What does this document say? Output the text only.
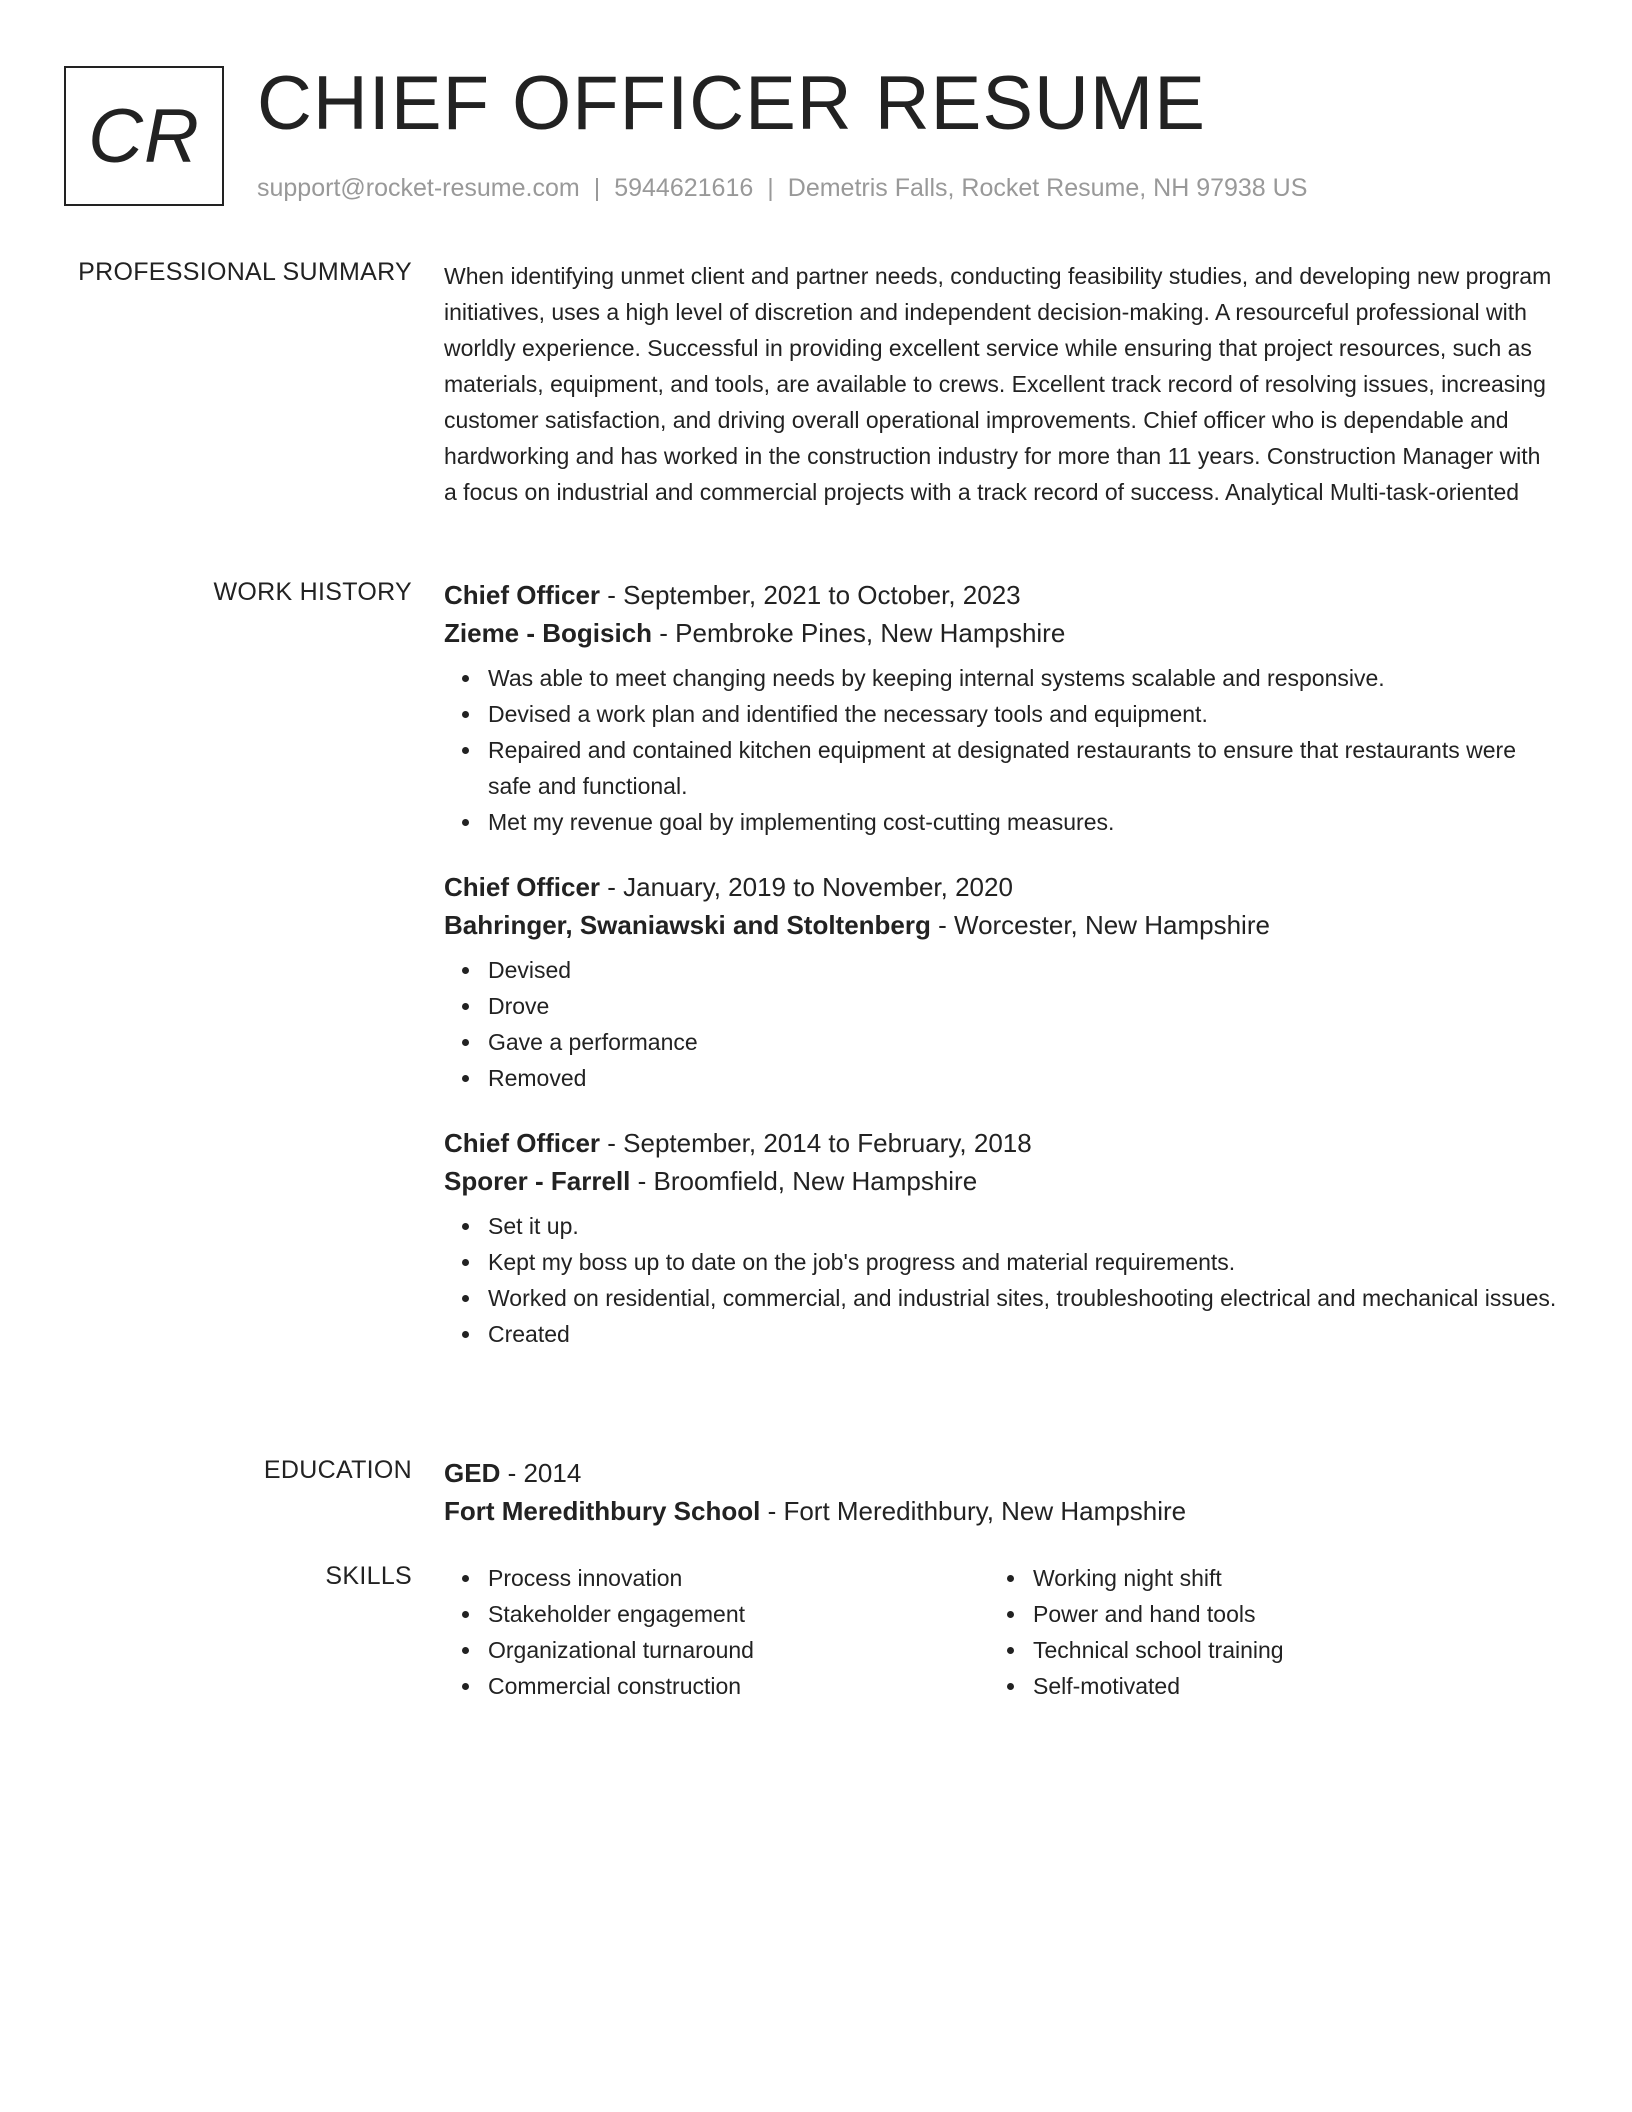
CR CHIEF OFFICER RESUME
support@rocket-resume.com | 5944621616 | Demetris Falls, Rocket Resume, NH 97938 US
PROFESSIONAL SUMMARY When identifying unmet client and partner needs, conducting feasibility studies, and developing new program initiatives, uses a high level of discretion and independent decision-making. A resourceful professional with worldly experience. Successful in providing excellent service while ensuring that project resources, such as materials, equipment, and tools, are available to crews. Excellent track record of resolving issues, increasing customer satisfaction, and driving overall operational improvements. Chief officer who is dependable and hardworking and has worked in the construction industry for more than 11 years. Construction Manager with a focus on industrial and commercial projects with a track record of success. Analytical Multi-task-oriented
WORK HISTORY Chief Officer - September, 2021 to October, 2023
Zieme - Bogisich - Pembroke Pines, New Hampshire
Was able to meet changing needs by keeping internal systems scalable and responsive.
Devised a work plan and identified the necessary tools and equipment.
Repaired and contained kitchen equipment at designated restaurants to ensure that restaurants were safe and functional.
Met my revenue goal by implementing cost-cutting measures.
Chief Officer - January, 2019 to November, 2020
Bahringer, Swaniawski and Stoltenberg - Worcester, New Hampshire
Devised
Drove
Gave a performance
Removed
Chief Officer - September, 2014 to February, 2018
Sporer - Farrell - Broomfield, New Hampshire
Set it up.
Kept my boss up to date on the job's progress and material requirements.
Worked on residential, commercial, and industrial sites, troubleshooting electrical and mechanical issues.
Created
EDUCATION GED - 2014
Fort Meredithbury School - Fort Meredithbury, New Hampshire
SKILLS	Process innovation
Stakeholder engagement
Organizational turnaround
Commercial construction
Working night shift
Power and hand tools
Technical school training
Self-motivated
